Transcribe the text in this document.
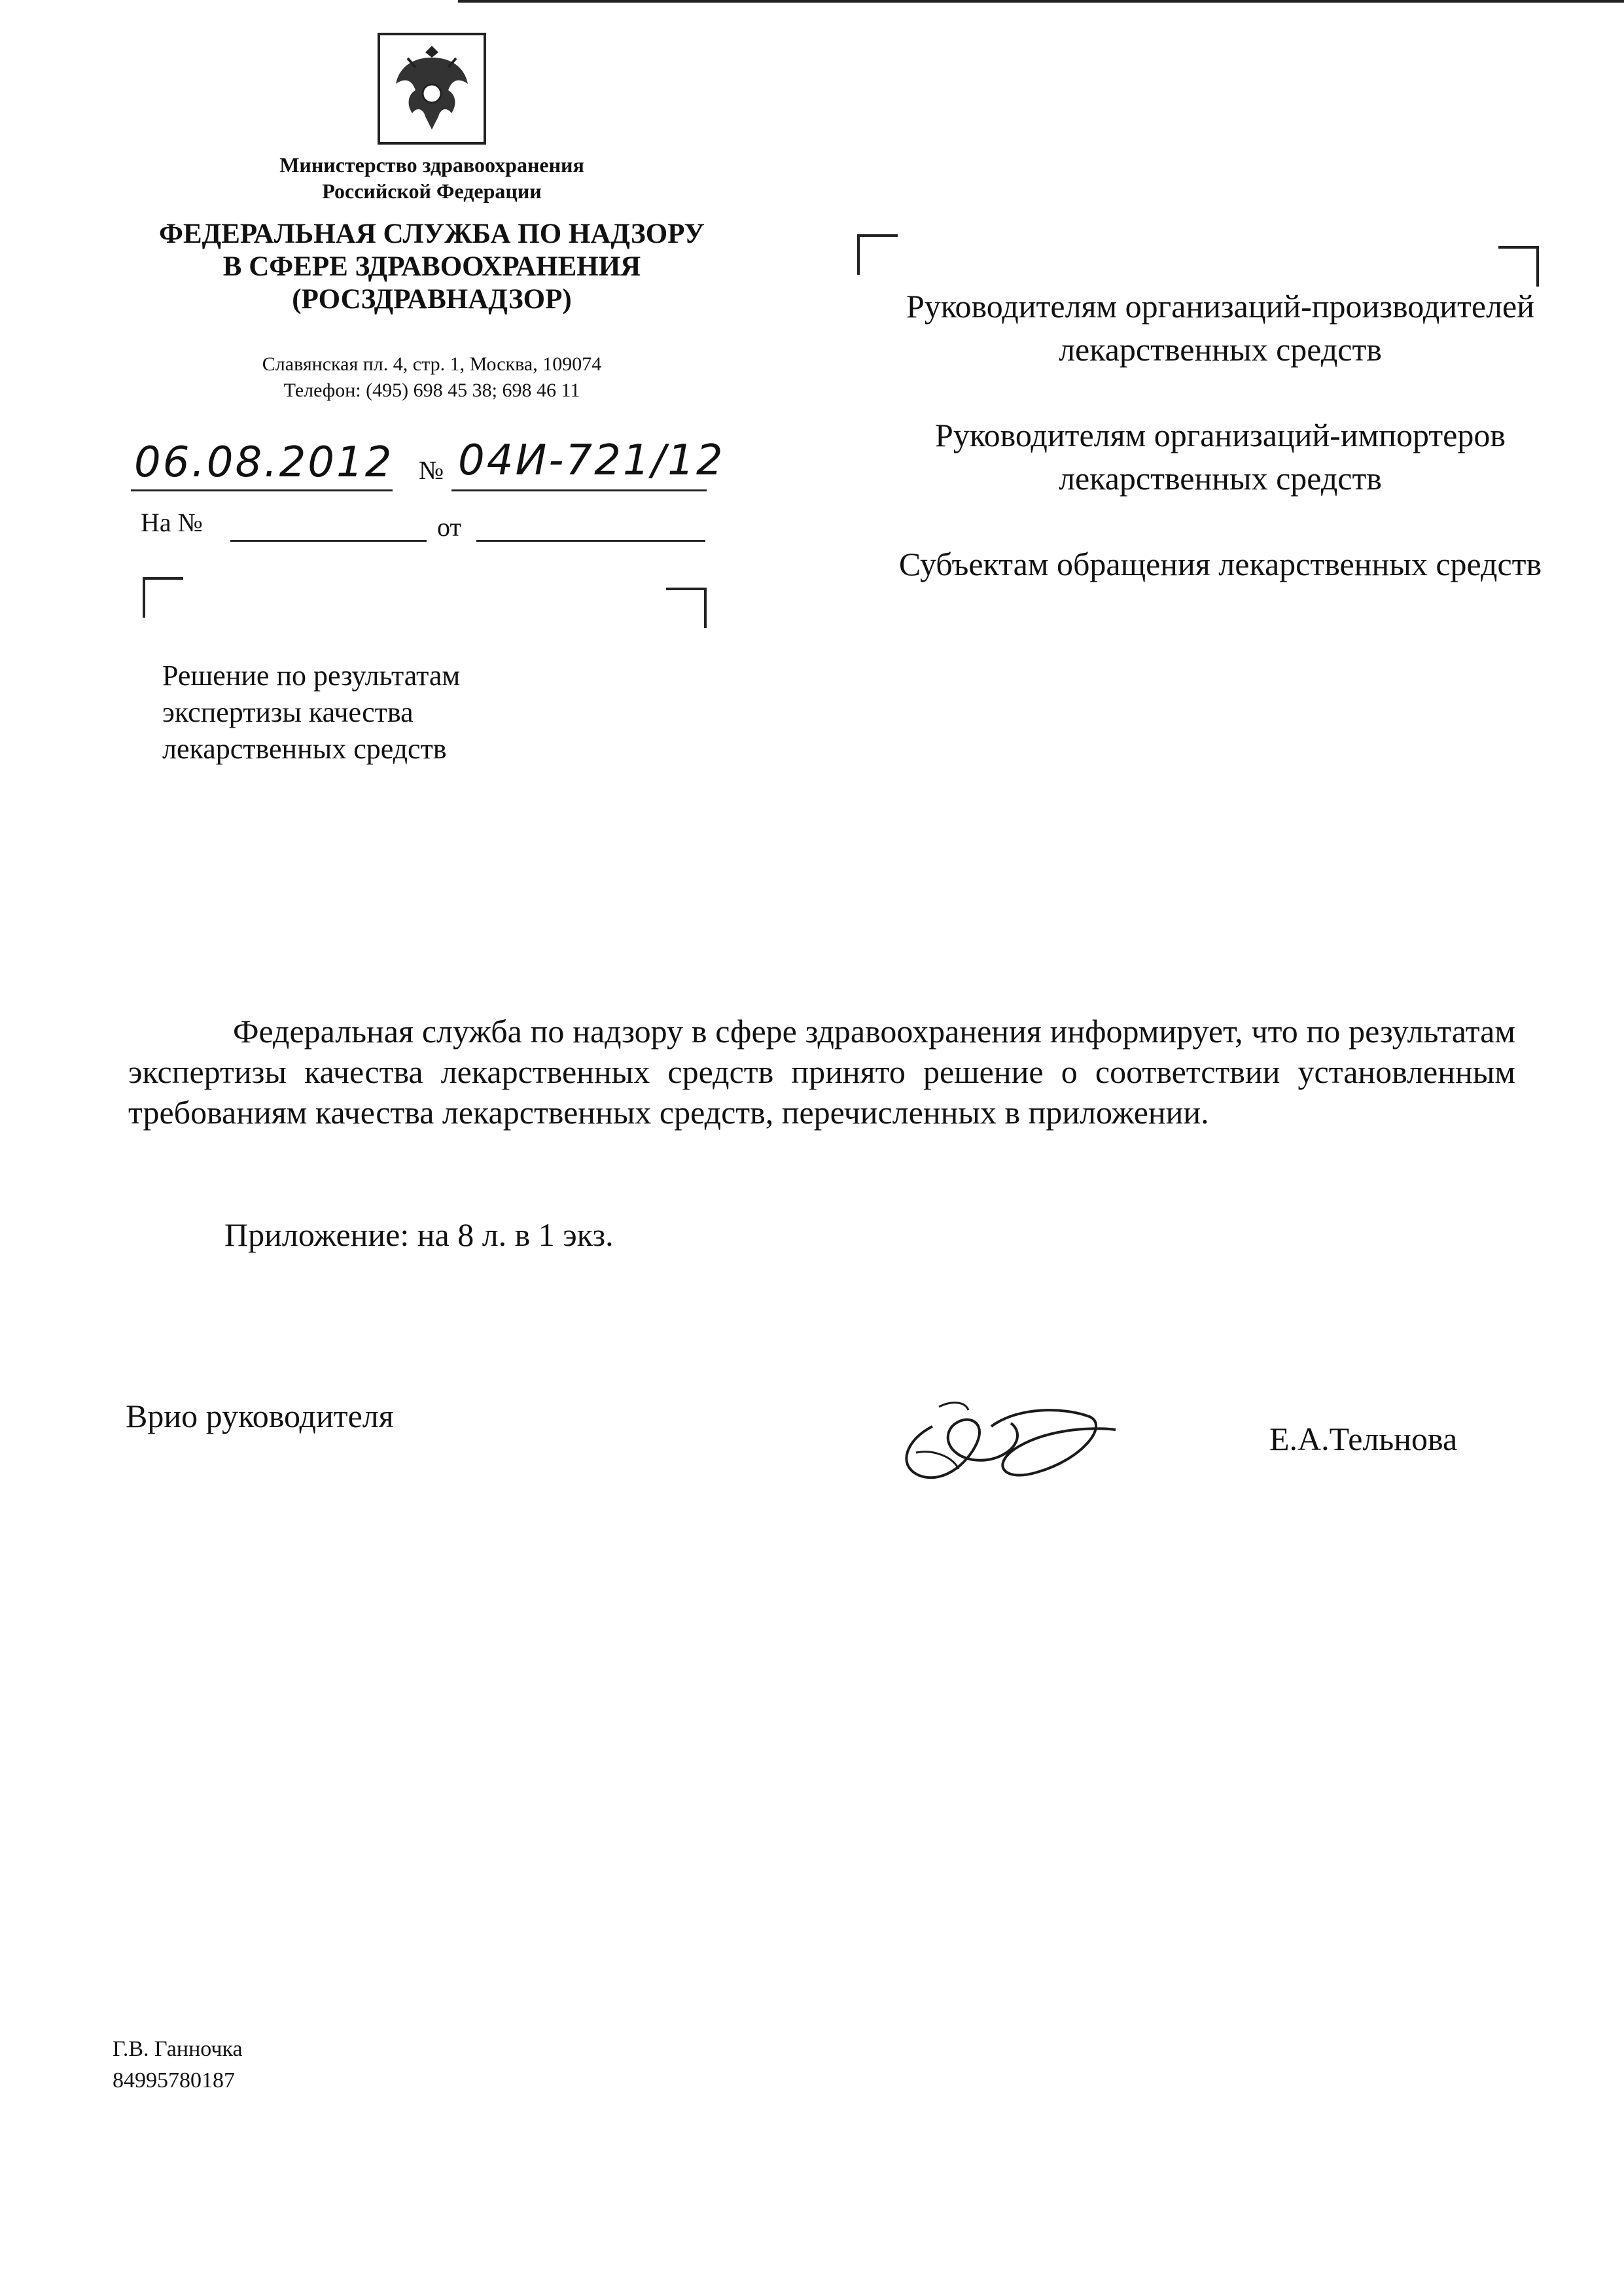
Министерство здравоохранения
Российской Федерации
ФЕДЕРАЛЬНАЯ СЛУЖБА ПО НАДЗОРУ
В СФЕРЕ ЗДРАВООХРАНЕНИЯ
(РОСЗДРАВНАДЗОР)
Славянская пл. 4, стр. 1, Москва, 109074
Телефон: (495) 698 45 38; 698 46 11
06.08.2012 № 04И-721/12
На №	от
Решение по результатам
экспертизы качества
лекарственных средств

Руководителям организаций-производителей лекарственных средств

Руководителям организаций-импортеров лекарственных средств

Субъектам обращения лекарственных средств

Федеральная служба по надзору в сфере здравоохранения информирует, что по результатам экспертизы качества лекарственных средств принято решение о соответствии установленным требованиям качества лекарственных средств, перечисленных в приложении.

Приложение: на 8 л. в 1 экз.
Врио руководителя
Е.А.Тельнова
Г.В. Ганночка
84995780187
